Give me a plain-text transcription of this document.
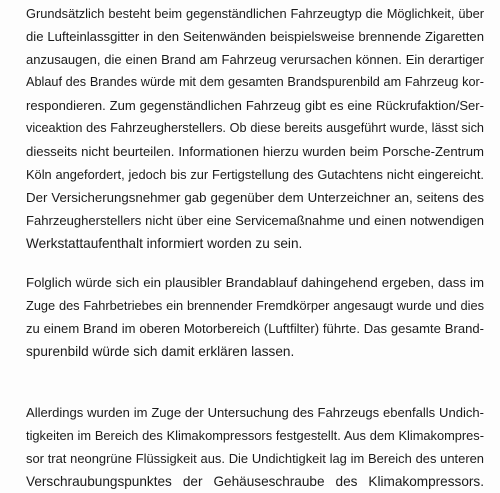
Grundsätzlich besteht beim gegenständlichen Fahrzeugtyp die Möglichkeit, über
die Lufteinlassgitter in den Seitenwänden beispielsweise brennende Zigaretten
anzusaugen, die einen Brand am Fahrzeug verursachen können. Ein derartiger
Ablauf des Brandes würde mit dem gesamten Brandspurenbild am Fahrzeug kor-
respondieren. Zum gegenständlichen Fahrzeug gibt es eine Rückrufaktion/Ser-
viceaktion des Fahrzeugherstellers. Ob diese bereits ausgeführt wurde, lässt sich
diesseits nicht beurteilen. Informationen hierzu wurden beim Porsche-Zentrum
Köln angefordert, jedoch bis zur Fertigstellung des Gutachtens nicht eingereicht.
Der Versicherungsnehmer gab gegenüber dem Unterzeichner an, seitens des
Fahrzeugherstellers nicht über eine Servicemaßnahme und einen notwendigen
Werkstattaufenthalt informiert worden zu sein.
Folglich würde sich ein plausibler Brandablauf dahingehend ergeben, dass im
Zuge des Fahrbetriebes ein brennender Fremdkörper angesaugt wurde und dies
zu einem Brand im oberen Motorbereich (Luftfilter) führte. Das gesamte Brand-
spurenbild würde sich damit erklären lassen.
Allerdings wurden im Zuge der Untersuchung des Fahrzeugs ebenfalls Undich-
tigkeiten im Bereich des Klimakompressors festgestellt. Aus dem Klimakompres-
sor trat neongrüne Flüssigkeit aus. Die Undichtigkeit lag im Bereich des unteren
Verschraubungspunktes der Gehäuseschraube des Klimakompressors.
